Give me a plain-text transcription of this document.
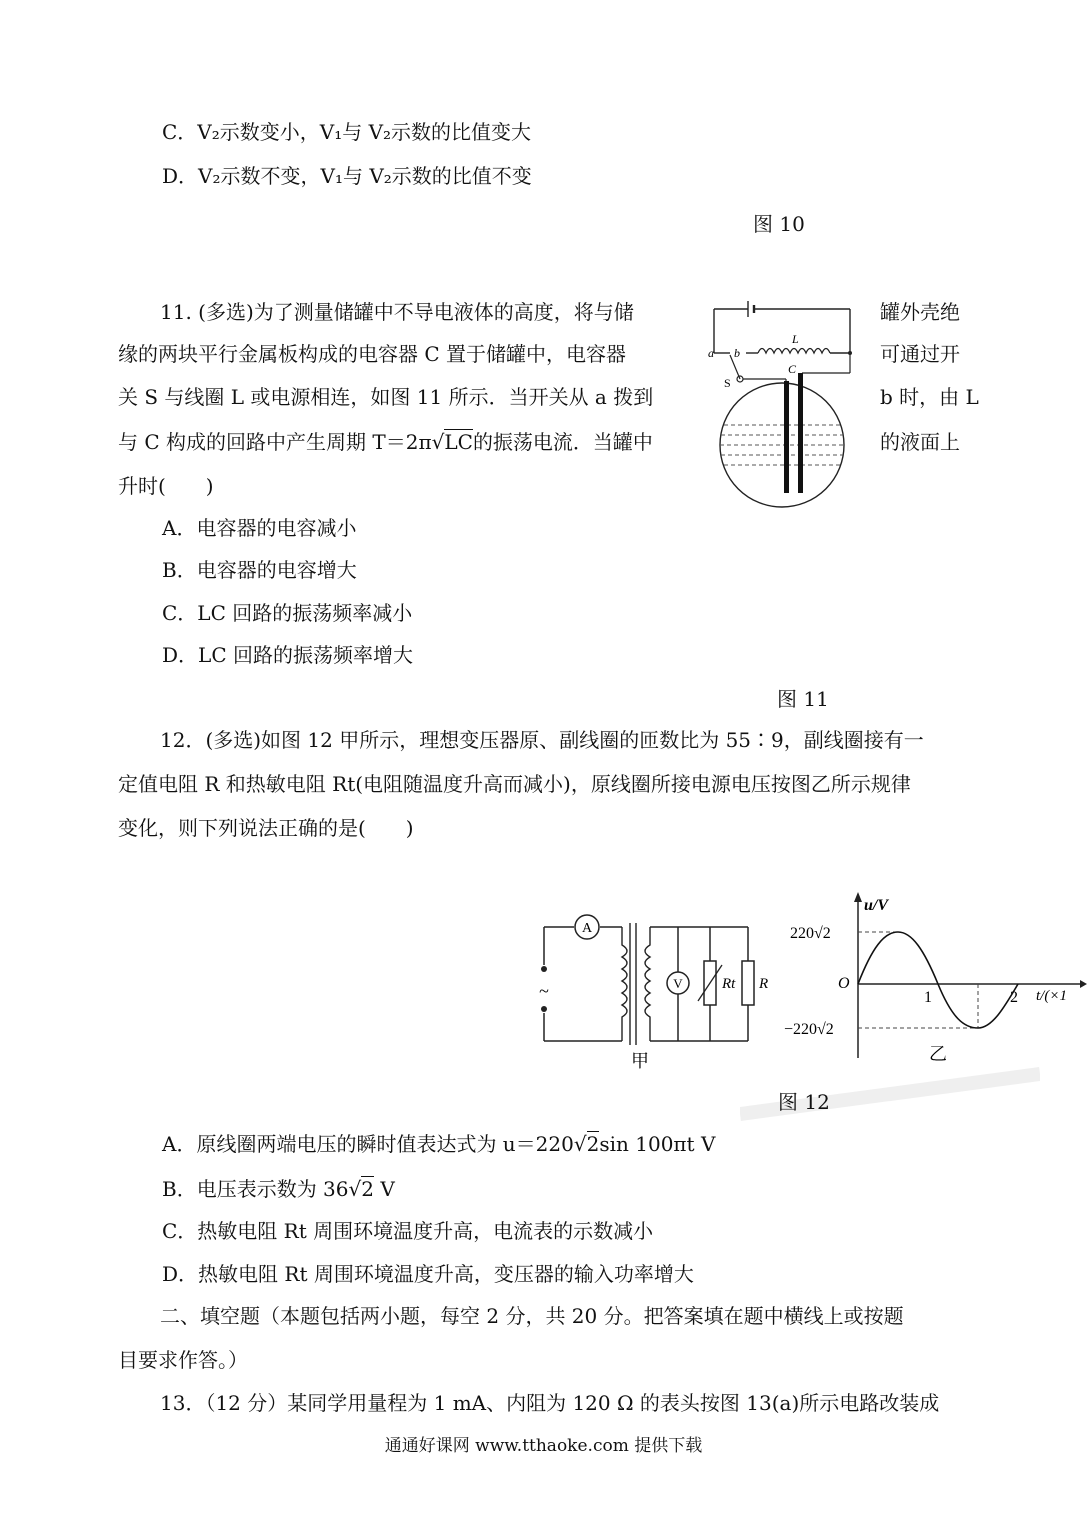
C．V₂示数变小，V₁与 V₂示数的比值变大
D．V₂示数不变，V₁与 V₂示数的比值不变
图 10
11. (多选)为了测量储罐中不导电液体的高度，将与储	罐外壳绝
缘的两块平行金属板构成的电容器 C 置于储罐中，电容器	可通过开
关 S 与线圈 L 或电源相连，如图 11 所示．当开关从 a 拨到	b 时，由 L
与 C 构成的回路中产生周期 T＝2π√LC的振荡电流．当罐中	的液面上
升时(　　)
a b
L
S
C
A．电容器的电容减小
B．电容器的电容增大
C．LC 回路的振荡频率减小
D．LC 回路的振荡频率增大
图 11
12．(多选)如图 12 甲所示，理想变压器原、副线圈的匝数比为 55∶9，副线圈接有一
定值电阻 R 和热敏电阻 Rt(电阻随温度升高而减小)，原线圈所接电源电压按图乙所示规律
变化，则下列说法正确的是(　　)
A
~	V	Rt R
甲
u/V
220√2
−220√2
O
1	2 t/(×1
乙
图 12
A．原线圈两端电压的瞬时值表达式为 u＝220√2sin 100πt V
B．电压表示数为 36√2 V
C．热敏电阻 Rt 周围环境温度升高，电流表的示数减小
D．热敏电阻 Rt 周围环境温度升高，变压器的输入功率增大
二、填空题（本题包括两小题，每空 2 分，共 20 分。把答案填在题中横线上或按题
目要求作答。）
13．（12 分）某同学用量程为 1 mA、内阻为 120 Ω 的表头按图 13(a)所示电路改装成
通通好课网 www.tthaoke.com 提供下载
